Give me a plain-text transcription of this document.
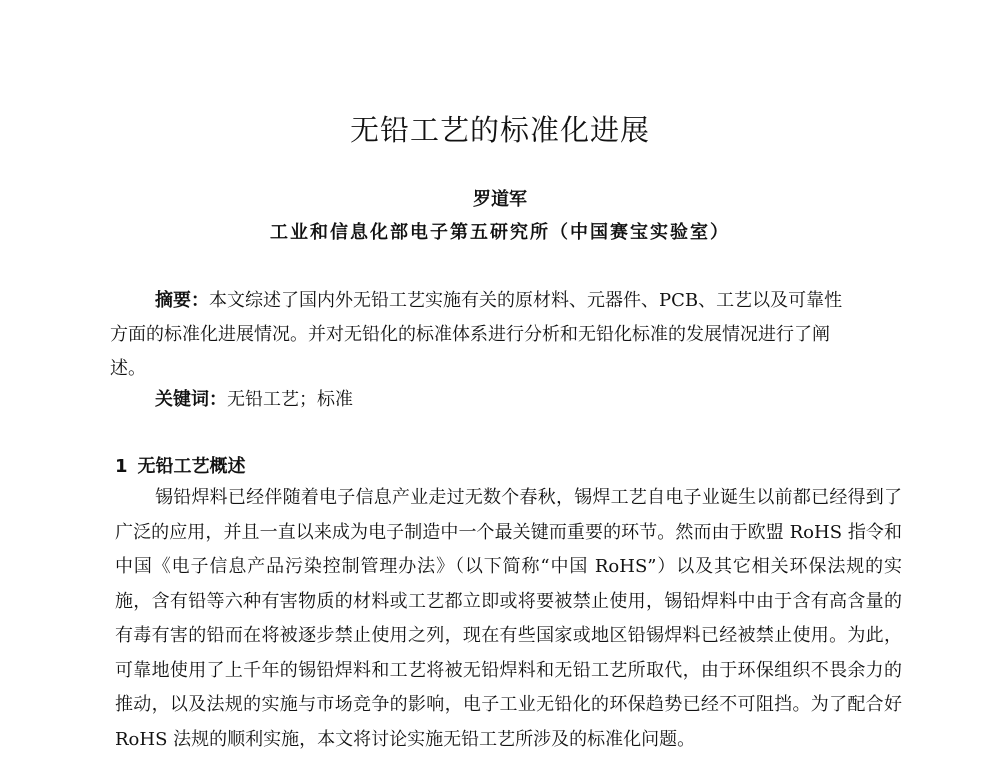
无铅工艺的标准化进展
罗道军
工业和信息化部电子第五研究所（中国赛宝实验室）
摘要：本文综述了国内外无铅工艺实施有关的原材料、元器件、PCB、工艺以及可靠性方面的标准化进展情况。并对无铅化的标准体系进行分析和无铅化标准的发展情况进行了阐述。
关键词：无铅工艺；标准
1 无铅工艺概述
锡铅焊料已经伴随着电子信息产业走过无数个春秋，锡焊工艺自电子业诞生以前都已经得到了广泛的应用，并且一直以来成为电子制造中一个最关键而重要的环节。然而由于欧盟 RoHS 指令和中国《电子信息产品污染控制管理办法》（以下简称“中国 RoHS”）以及其它相关环保法规的实施，含有铅等六种有害物质的材料或工艺都立即或将要被禁止使用，锡铅焊料中由于含有高含量的有毒有害的铅而在将被逐步禁止使用之列，现在有些国家或地区铅锡焊料已经被禁止使用。为此，可靠地使用了上千年的锡铅焊料和工艺将被无铅焊料和无铅工艺所取代，由于环保组织不畏余力的推动，以及法规的实施与市场竞争的影响，电子工业无铅化的环保趋势已经不可阻挡。为了配合好 RoHS 法规的顺利实施，本文将讨论实施无铅工艺所涉及的标准化问题。
